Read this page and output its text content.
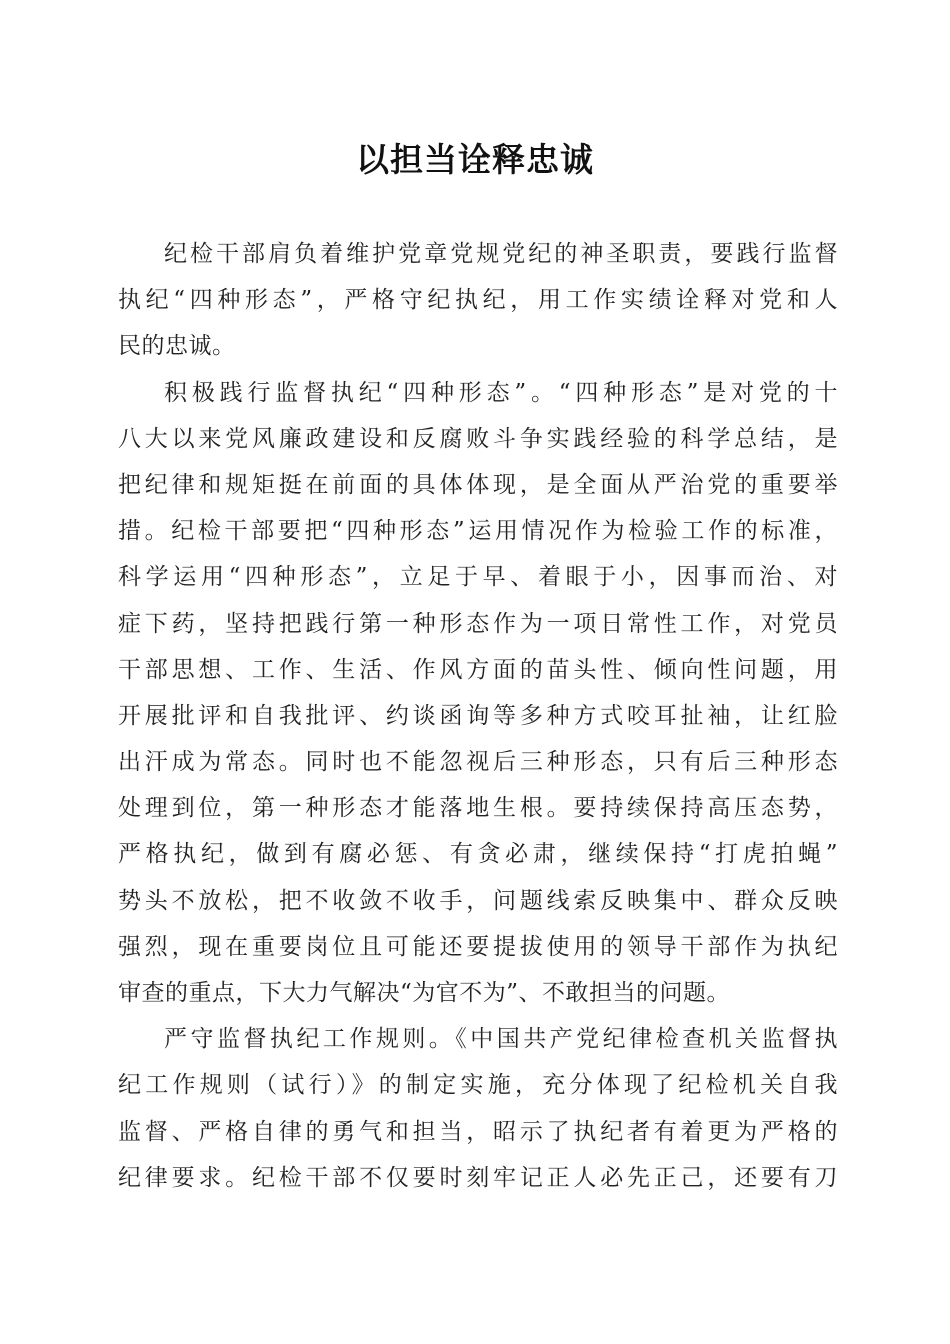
以担当诠释忠诚
纪检干部肩负着维护党章党规党纪的神圣职责，要践行监督
执纪“四种形态”，严格守纪执纪，用工作实绩诠释对党和人
民的忠诚。
积极践行监督执纪“四种形态”。“四种形态”是对党的十
八大以来党风廉政建设和反腐败斗争实践经验的科学总结，是
把纪律和规矩挺在前面的具体体现，是全面从严治党的重要举
措。纪检干部要把“四种形态”运用情况作为检验工作的标准，
科学运用“四种形态”，立足于早、着眼于小，因事而治、对
症下药，坚持把践行第一种形态作为一项日常性工作，对党员
干部思想、工作、生活、作风方面的苗头性、倾向性问题，用
开展批评和自我批评、约谈函询等多种方式咬耳扯袖，让红脸
出汗成为常态。同时也不能忽视后三种形态，只有后三种形态
处理到位，第一种形态才能落地生根。要持续保持高压态势，
严格执纪，做到有腐必惩、有贪必肃，继续保持“打虎拍蝇”
势头不放松，把不收敛不收手，问题线索反映集中、群众反映
强烈，现在重要岗位且可能还要提拔使用的领导干部作为执纪
审查的重点，下大力气解决“为官不为”、不敢担当的问题。
严守监督执纪工作规则。《中国共产党纪律检查机关监督执
纪工作规则（试行）》的制定实施，充分体现了纪检机关自我
监督、严格自律的勇气和担当，昭示了执纪者有着更为严格的
纪律要求。纪检干部不仅要时刻牢记正人必先正己，还要有刀
